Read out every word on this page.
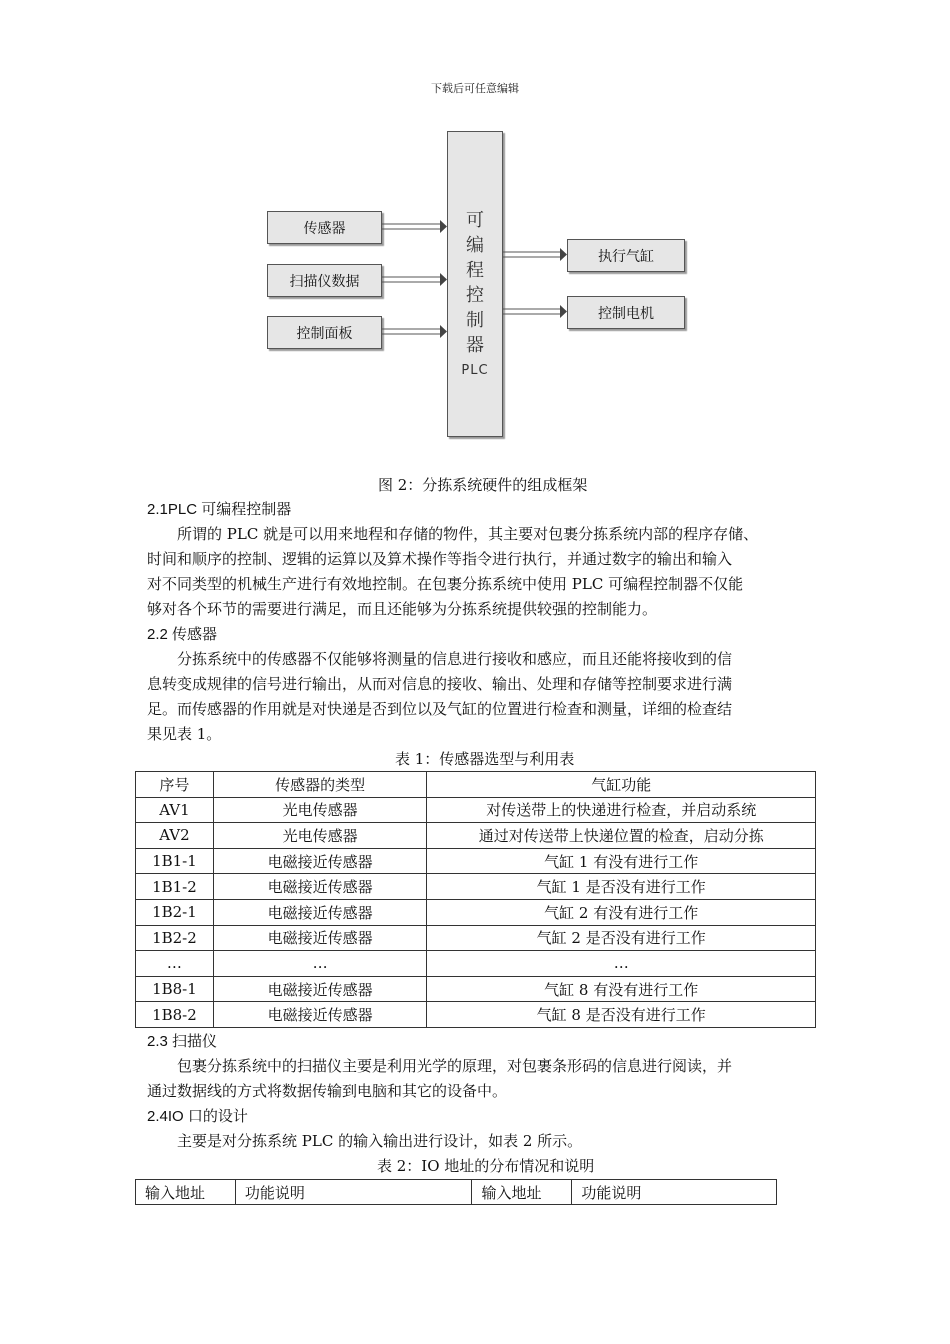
下载后可任意编辑
传感器
扫描仪数据
控制面板
可
编
程
控
制
器
PLC
执行气缸
控制电机
图 2：分拣系统硬件的组成框架
2.1PLC 可编程控制器
所谓的 PLC 就是可以用来地程和存储的物件，其主要对包裹分拣系统内部的程序存储、
时间和顺序的控制、逻辑的运算以及算术操作等指令进行执行，并通过数字的输出和输入
对不同类型的机械生产进行有效地控制。在包裹分拣系统中使用 PLC 可编程控制器不仅能
够对各个环节的需要进行满足，而且还能够为分拣系统提供较强的控制能力。
2.2 传感器
分拣系统中的传感器不仅能够将测量的信息进行接收和感应，而且还能将接收到的信
息转变成规律的信号进行输出，从而对信息的接收、输出、处理和存储等控制要求进行满
足。而传感器的作用就是对快递是否到位以及气缸的位置进行检查和测量，详细的检查结
果见表 1。
表 1：传感器选型与利用表
序号	传感器的类型	气缸功能
AV1	光电传感器	对传送带上的快递进行检查，并启动系统
AV2	光电传感器	通过对传送带上快递位置的检查，启动分拣
1B1-1	电磁接近传感器	气缸 1 有没有进行工作
1B1-2	电磁接近传感器	气缸 1 是否没有进行工作
1B2-1	电磁接近传感器	气缸 2 有没有进行工作
1B2-2	电磁接近传感器	气缸 2 是否没有进行工作
…	…	…
1B8-1	电磁接近传感器	气缸 8 有没有进行工作
1B8-2	电磁接近传感器	气缸 8 是否没有进行工作
2.3 扫描仪
包裹分拣系统中的扫描仪主要是利用光学的原理，对包裹条形码的信息进行阅读，并
通过数据线的方式将数据传输到电脑和其它的设备中。
2.4IO 口的设计
主要是对分拣系统 PLC 的输入输出进行设计，如表 2 所示。
表 2：IO 地址的分布情况和说明
输入地址	功能说明	输入地址	功能说明
